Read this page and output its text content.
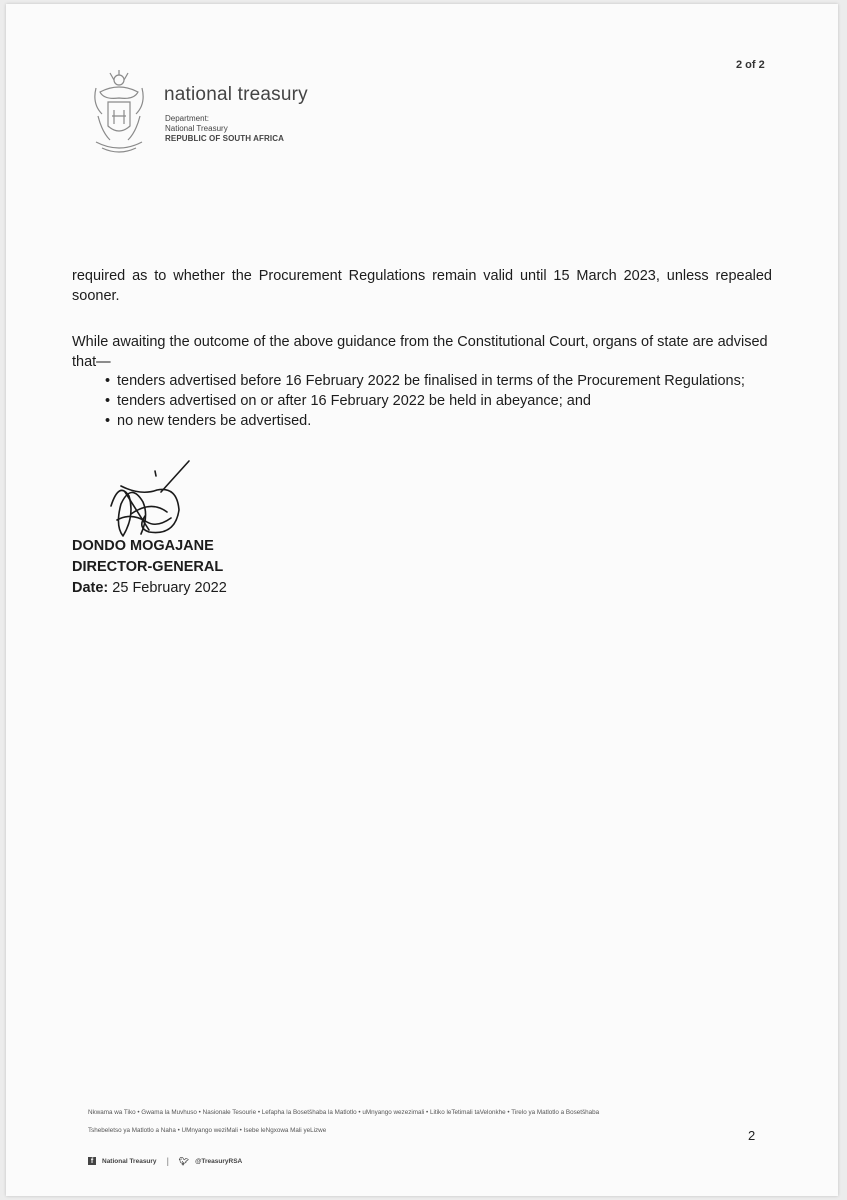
2 of 2
national treasury
Department:
National Treasury
REPUBLIC OF SOUTH AFRICA
required as to whether the Procurement Regulations remain valid until 15 March 2023, unless repealed sooner.
While awaiting the outcome of the above guidance from the Constitutional Court, organs of state are advised that—
• tenders advertised before 16 February 2022 be finalised in terms of the Procurement Regulations;
• tenders advertised on or after 16 February 2022 be held in abeyance; and
• no new tenders be advertised.
DONDO MOGAJANE
DIRECTOR-GENERAL
Date: 25 February 2022
Nkwama wa Tiko • Gwama la Muvhuso • Nasionale Tesourie • Lefapha la Bosetšhaba la Matlotlo • uMnyango wezezimali • Litiko leTetimali taVelonkhe • Tirelo ya Matlotlo a Bosetšhaba
Tshebeletso ya Matlotlo a Naha • UMnyango weziMali • Isebe leNgxowa Mali yeLizwe	2
f	National Treasury	|	🐦︎ @TreasuryRSA
